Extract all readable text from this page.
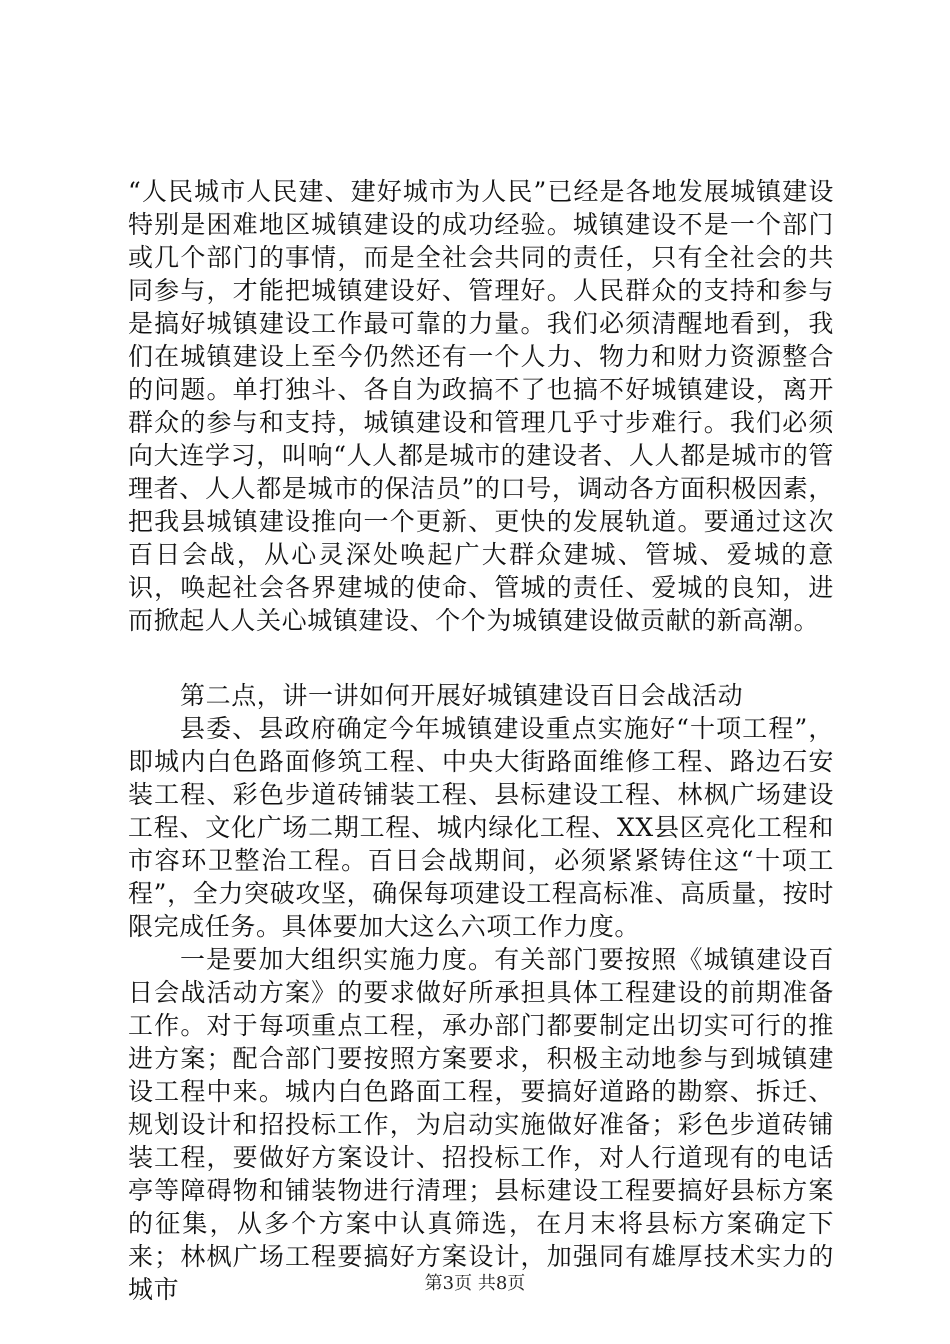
“人民城市人民建、建好城市为人民”已经是各地发展城镇建设特别是困难地区城镇建设的成功经验。城镇建设不是一个部门或几个部门的事情，而是全社会共同的责任，只有全社会的共同参与，才能把城镇建设好、管理好。人民群众的支持和参与是搞好城镇建设工作最可靠的力量。我们必须清醒地看到，我们在城镇建设上至今仍然还有一个人力、物力和财力资源整合的问题。单打独斗、各自为政搞不了也搞不好城镇建设，离开群众的参与和支持，城镇建设和管理几乎寸步难行。我们必须向大连学习，叫响“人人都是城市的建设者、人人都是城市的管理者、人人都是城市的保洁员”的口号，调动各方面积极因素，把我县城镇建设推向一个更新、更快的发展轨道。要通过这次百日会战，从心灵深处唤起广大群众建城、管城、爱城的意识，唤起社会各界建城的使命、管城的责任、爱城的良知，进而掀起人人关心城镇建设、个个为城镇建设做贡献的新高潮。

第二点，讲一讲如何开展好城镇建设百日会战活动

县委、县政府确定今年城镇建设重点实施好“十项工程”，即城内白色路面修筑工程、中央大街路面维修工程、路边石安装工程、彩色步道砖铺装工程、县标建设工程、林枫广场建设工程、文化广场二期工程、城内绿化工程、XX县区亮化工程和市容环卫整治工程。百日会战期间，必须紧紧铸住这“十项工程”，全力突破攻坚，确保每项建设工程高标准、高质量，按时限完成任务。具体要加大这么六项工作力度。

一是要加大组织实施力度。有关部门要按照《城镇建设百日会战活动方案》的要求做好所承担具体工程建设的前期准备工作。对于每项重点工程，承办部门都要制定出切实可行的推进方案；配合部门要按照方案要求，积极主动地参与到城镇建设工程中来。城内白色路面工程，要搞好道路的勘察、拆迁、规划设计和招投标工作，为启动实施做好准备；彩色步道砖铺装工程，要做好方案设计、招投标工作，对人行道现有的电话亭等障碍物和铺装物进行清理；县标建设工程要搞好县标方案的征集，从多个方案中认真筛选，在月末将县标方案确定下来；林枫广场工程要搞好方案设计，加强同有雄厚技术实力的城市	第3页 共8页
